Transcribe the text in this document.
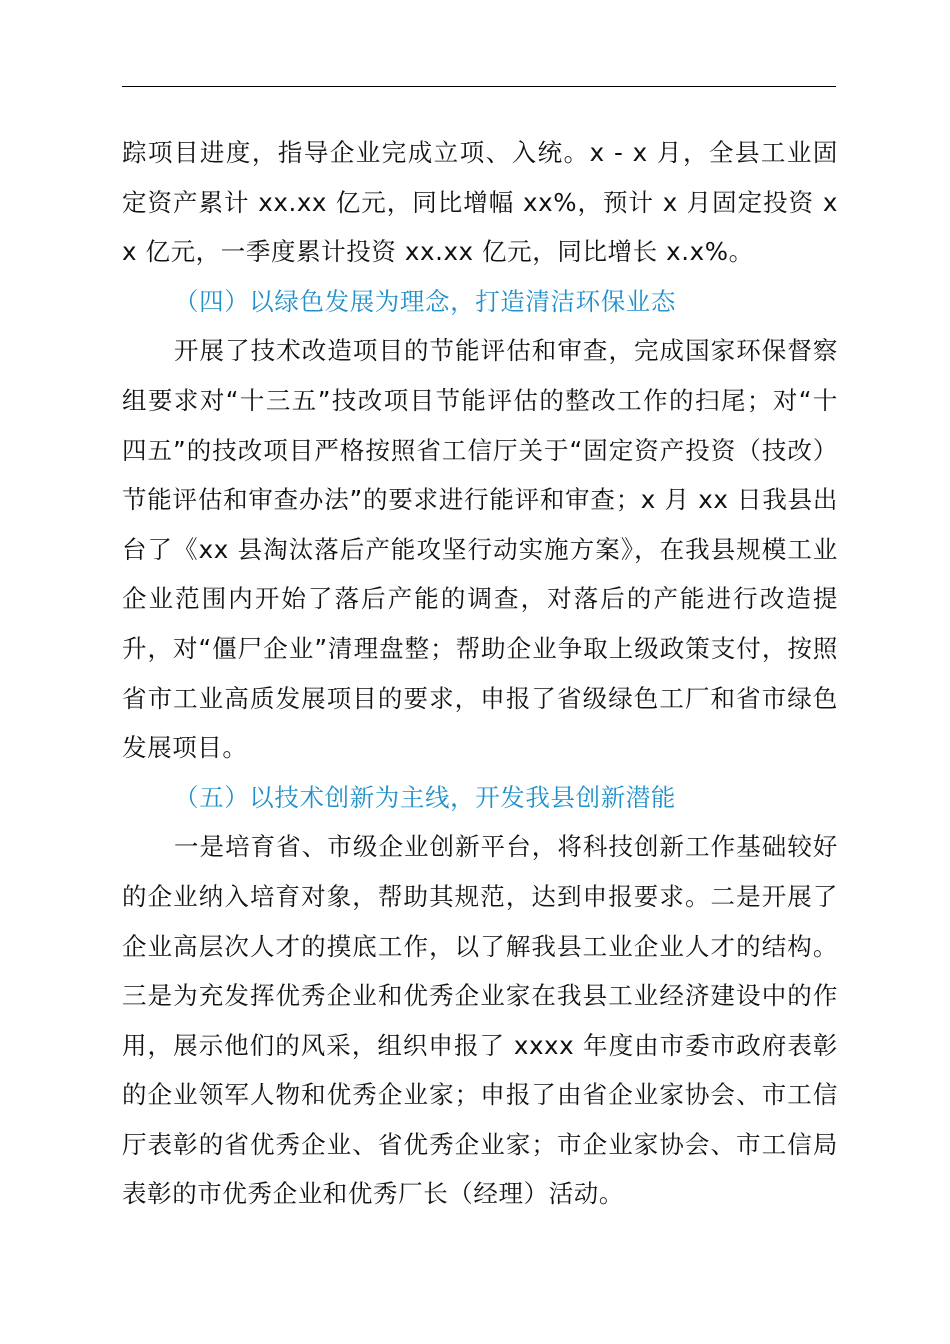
踪项目进度，指导企业完成立项、入统。x - x 月，全县工业固定资产累计 xx.xx 亿元，同比增幅 xx%，预计 x 月固定投资 xx 亿元，一季度累计投资 xx.xx 亿元，同比增长 x.x%。

（四）以绿色发展为理念，打造清洁环保业态

开展了技术改造项目的节能评估和审查，完成国家环保督察组要求对“十三五”技改项目节能评估的整改工作的扫尾；对“十四五”的技改项目严格按照省工信厅关于“固定资产投资（技改）节能评估和审查办法”的要求进行能评和审查；x 月 xx 日我县出台了《xx 县淘汰落后产能攻坚行动实施方案》，在我县规模工业企业范围内开始了落后产能的调查，对落后的产能进行改造提升，对“僵尸企业”清理盘整；帮助企业争取上级政策支付，按照省市工业高质发展项目的要求，申报了省级绿色工厂和省市绿色发展项目。

（五）以技术创新为主线，开发我县创新潜能

一是培育省、市级企业创新平台，将科技创新工作基础较好的企业纳入培育对象，帮助其规范，达到申报要求。二是开展了企业高层次人才的摸底工作，以了解我县工业企业人才的结构。三是为充发挥优秀企业和优秀企业家在我县工业经济建设中的作用，展示他们的风采，组织申报了 xxxx 年度由市委市政府表彰的企业领军人物和优秀企业家；申报了由省企业家协会、市工信厅表彰的省优秀企业、省优秀企业家；市企业家协会、市工信局表彰的市优秀企业和优秀厂长（经理）活动。
